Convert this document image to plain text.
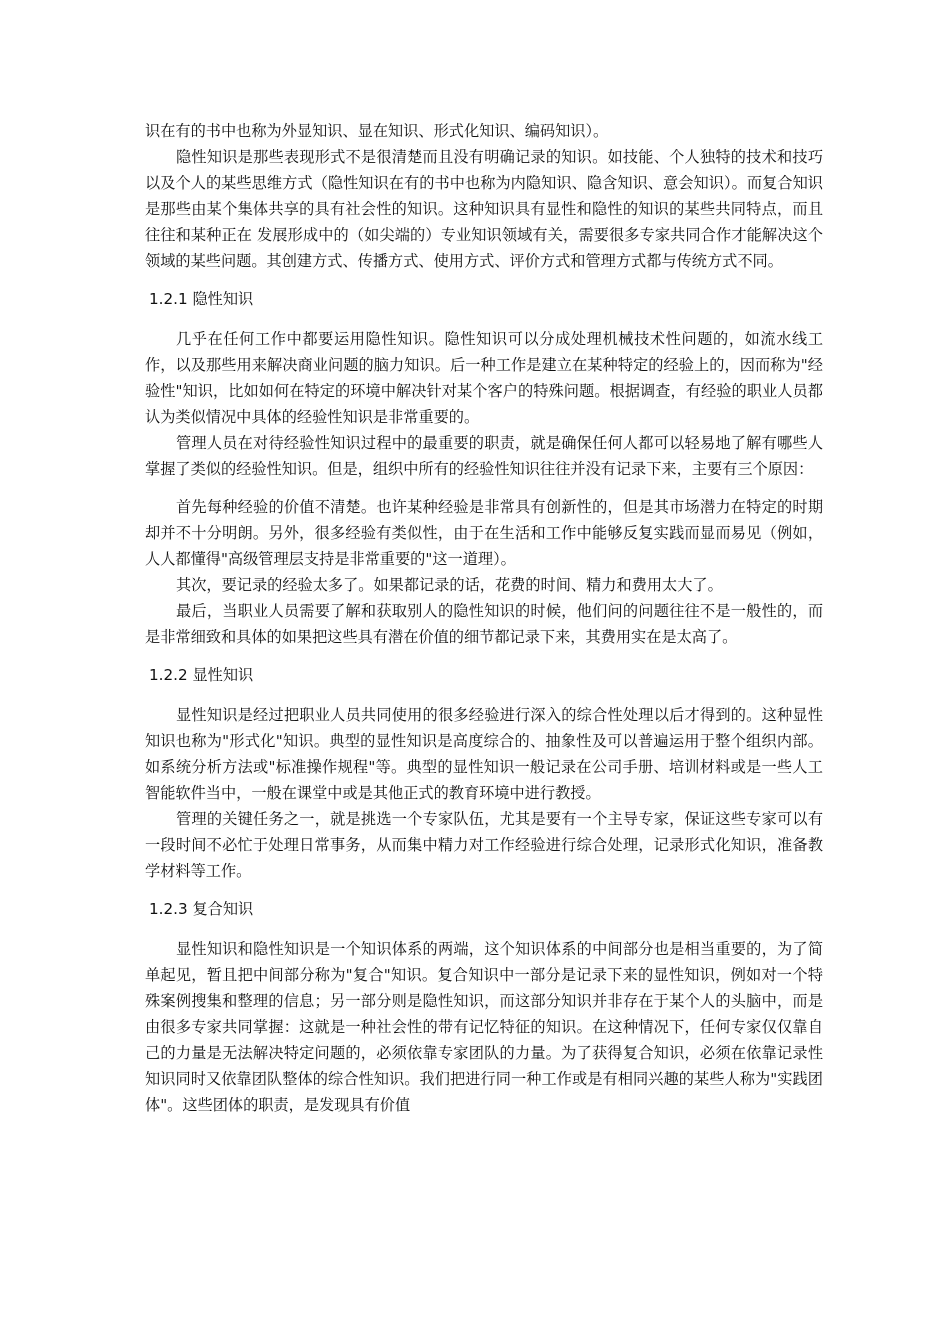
识在有的书中也称为外显知识、显在知识、形式化知识、编码知识）。

隐性知识是那些表现形式不是很清楚而且没有明确记录的知识。如技能、个人独特的技术和技巧以及个人的某些思维方式（隐性知识在有的书中也称为内隐知识、隐含知识、意会知识）。而复合知识是那些由某个集体共享的具有社会性的知识。这种知识具有显性和隐性的知识的某些共同特点，而且往往和某种正在 发展形成中的（如尖端的）专业知识领域有关，需要很多专家共同合作才能解决这个领域的某些问题。其创建方式、传播方式、使用方式、评价方式和管理方式都与传统方式不同。

1.2.1 隐性知识

几乎在任何工作中都要运用隐性知识。隐性知识可以分成处理机械技术性问题的，如流水线工作，以及那些用来解决商业问题的脑力知识。后一种工作是建立在某种特定的经验上的，因而称为"经验性"知识，比如如何在特定的环境中解决针对某个客户的特殊问题。根据调查，有经验的职业人员都认为类似情况中具体的经验性知识是非常重要的。

管理人员在对待经验性知识过程中的最重要的职责，就是确保任何人都可以轻易地了解有哪些人掌握了类似的经验性知识。但是，组织中所有的经验性知识往往并没有记录下来，主要有三个原因：

首先每种经验的价值不清楚。也许某种经验是非常具有创新性的，但是其市场潜力在特定的时期却并不十分明朗。另外，很多经验有类似性，由于在生活和工作中能够反复实践而显而易见（例如，人人都懂得"高级管理层支持是非常重要的"这一道理）。

其次，要记录的经验太多了。如果都记录的话，花费的时间、精力和费用太大了。

最后，当职业人员需要了解和获取别人的隐性知识的时候，他们问的问题往往不是一般性的，而是非常细致和具体的如果把这些具有潜在价值的细节都记录下来，其费用实在是太高了。

1.2.2 显性知识

显性知识是经过把职业人员共同使用的很多经验进行深入的综合性处理以后才得到的。这种显性知识也称为"形式化"知识。典型的显性知识是高度综合的、抽象性及可以普遍运用于整个组织内部。如系统分析方法或"标准操作规程"等。典型的显性知识一般记录在公司手册、培训材料或是一些人工智能软件当中，一般在课堂中或是其他正式的教育环境中进行教授。

管理的关键任务之一，就是挑选一个专家队伍，尤其是要有一个主导专家，保证这些专家可以有一段时间不必忙于处理日常事务，从而集中精力对工作经验进行综合处理，记录形式化知识，准备教学材料等工作。

1.2.3 复合知识

显性知识和隐性知识是一个知识体系的两端，这个知识体系的中间部分也是相当重要的，为了简单起见，暂且把中间部分称为"复合"知识。复合知识中一部分是记录下来的显性知识，例如对一个特殊案例搜集和整理的信息；另一部分则是隐性知识，而这部分知识并非存在于某个人的头脑中，而是由很多专家共同掌握：这就是一种社会性的带有记忆特征的知识。在这种情况下，任何专家仅仅靠自己的力量是无法解决特定问题的，必须依靠专家团队的力量。为了获得复合知识，必须在依靠记录性知识同时又依靠团队整体的综合性知识。我们把进行同一种工作或是有相同兴趣的某些人称为"实践团体"。这些团体的职责，是发现具有价值
